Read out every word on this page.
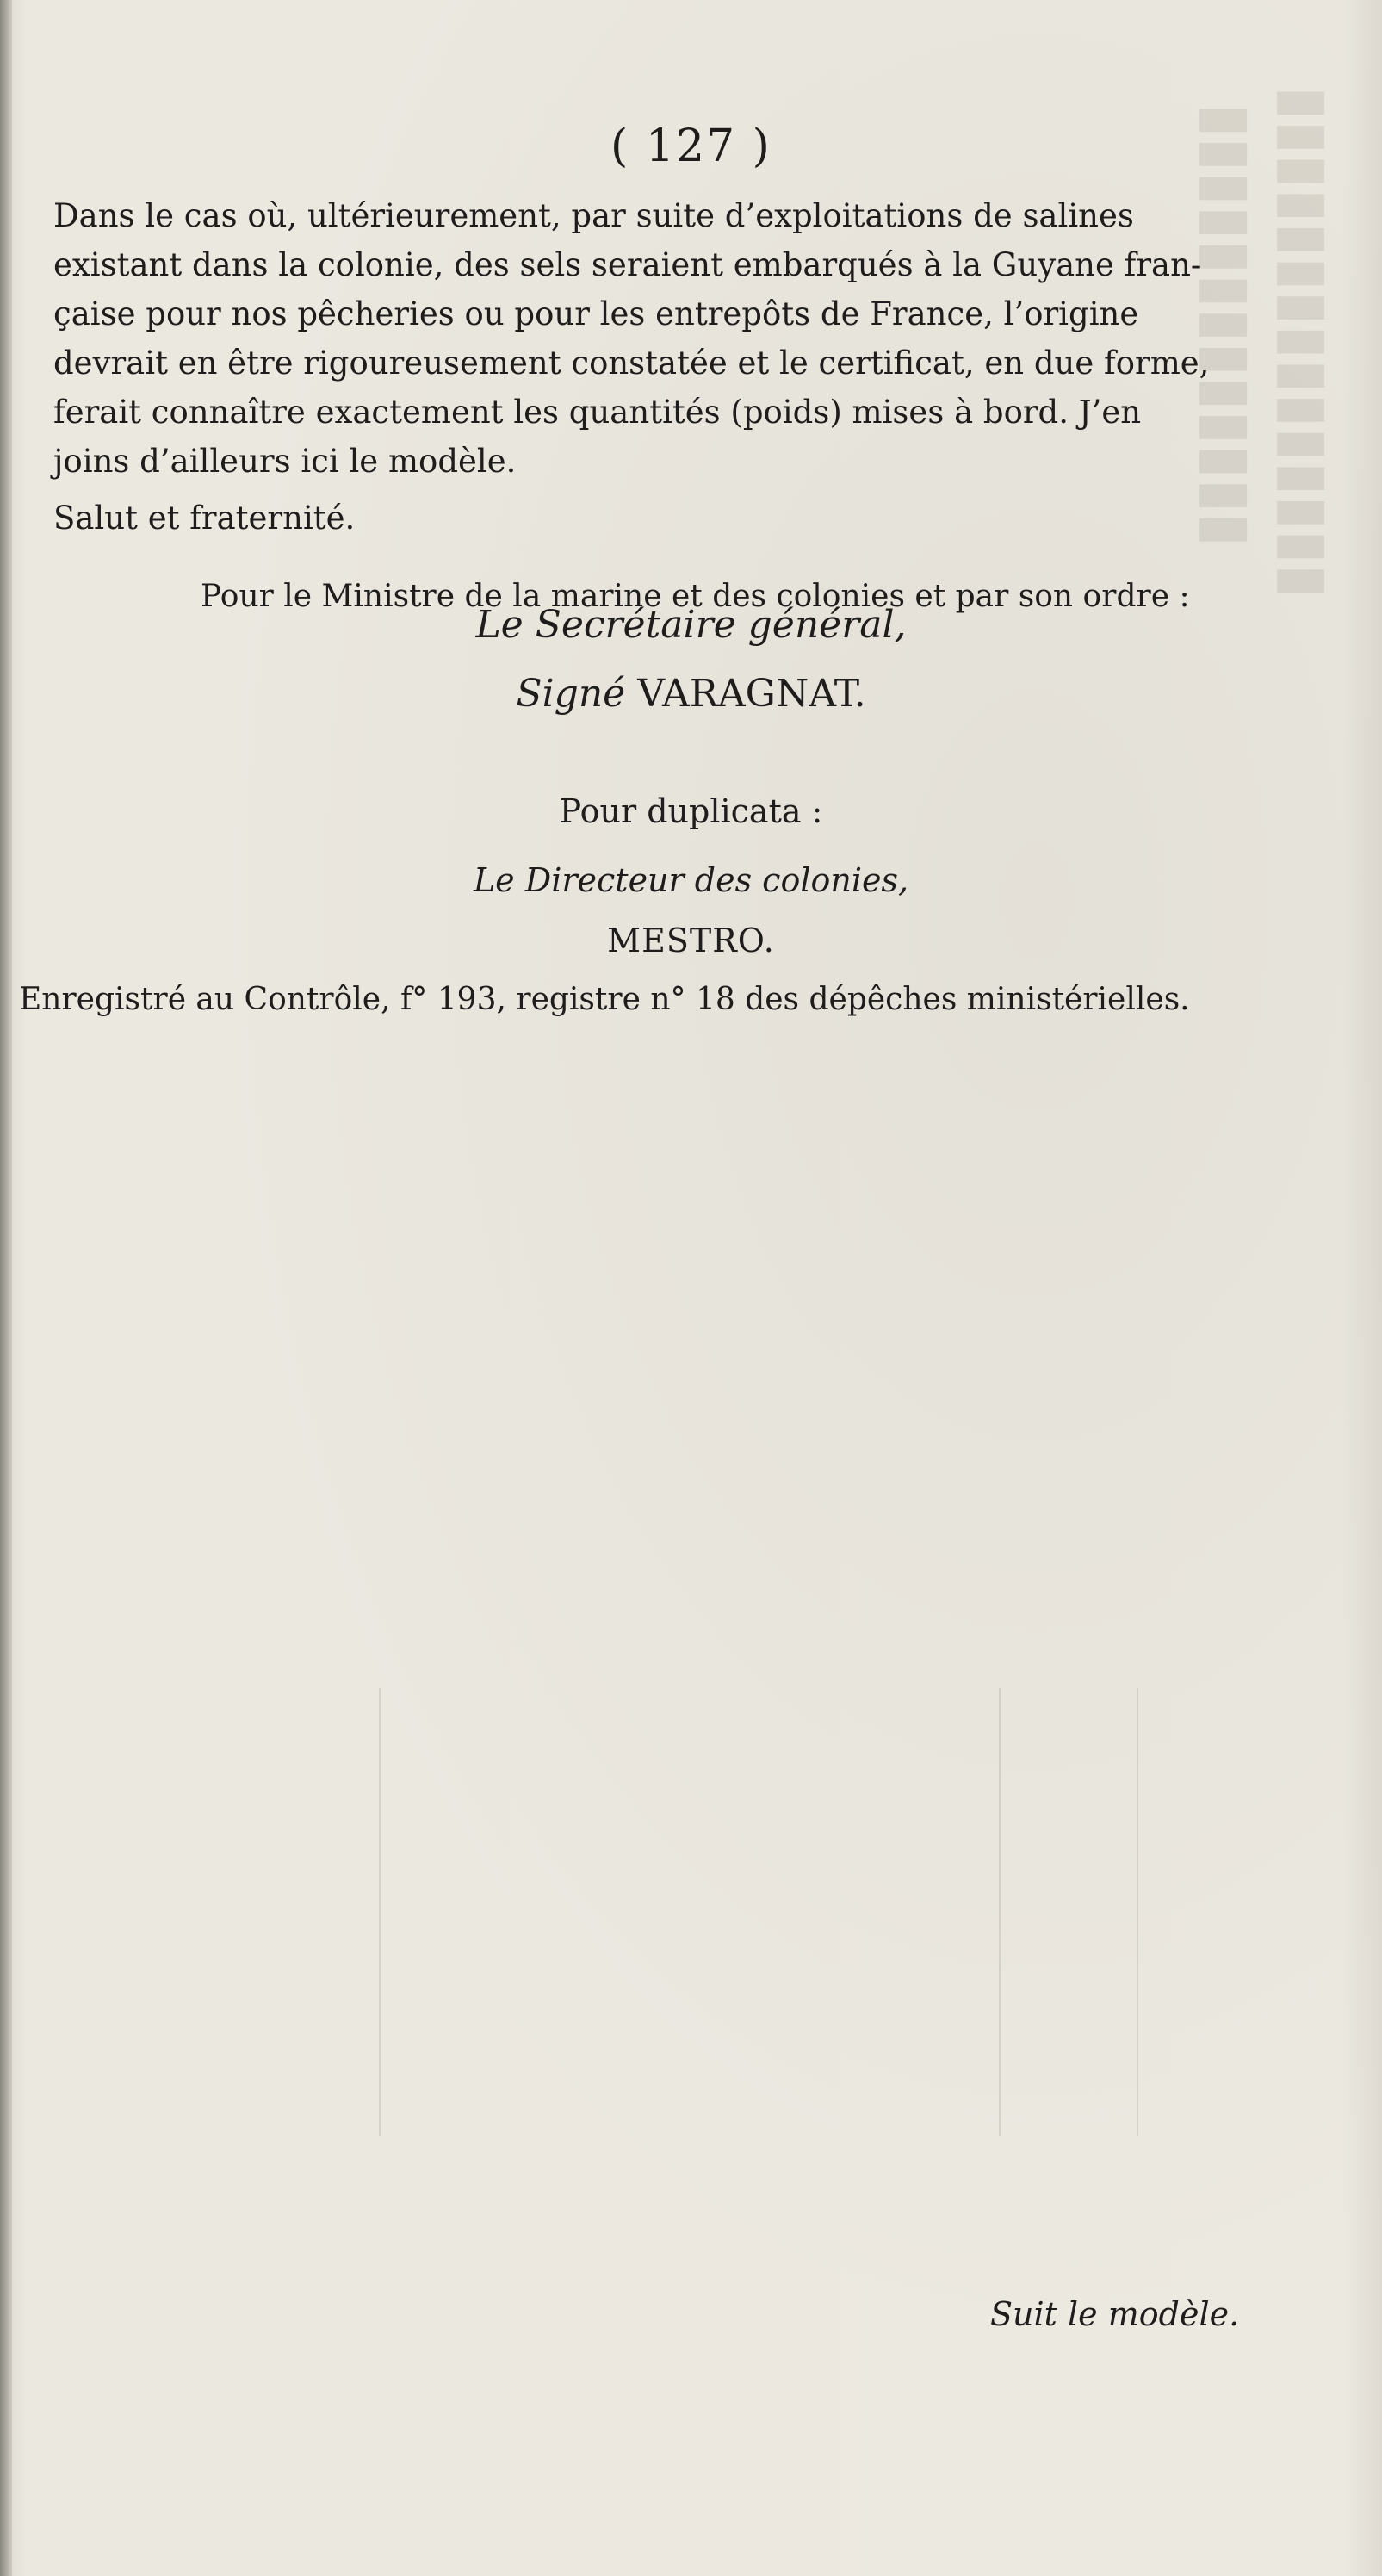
▮▮▮▮▮▮▮▮▮▮▮▮▮ ▮▮▮▮▮▮▮▮▮▮▮▮▮▮▮
( 127 )

Dans le cas où, ultérieurement, par suite d’exploitations de salines

existant dans la colonie, des sels seraient embarqués à la Guyane fran-

çaise pour nos pêcheries ou pour les entrepôts de France, l’origine

devrait en être rigoureusement constatée et le certificat, en due forme,

ferait connaître exactement les quantités (poids) mises à bord. J’en

joins d’ailleurs ici le modèle.

Salut et fraternité.
Pour le Ministre de la marine et des colonies et par son ordre :
Le Secrétaire général,
Signé VARAGNAT.
Pour duplicata :
Le Directeur des colonies,
MESTRO.
Enregistré au Contrôle, f° 193, registre n° 18 des dépêches ministérielles.
Suit le modèle.
